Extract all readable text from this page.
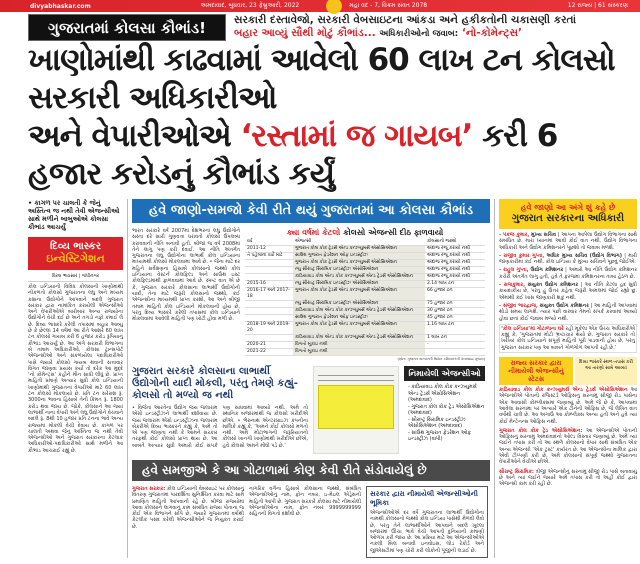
divyabhaskar.com	અમદાવાદ, બુધવાર, 23 ફેબ્રુઆરી, 2022	મહા વદ - 7, વિક્રમ સંવત 2078	12 રાજ્ય | 61 સંસ્કરણ
ગુજરાતમાં કોલસા કૌભાંડ!	સરકારી દસ્તાવેજો, સરકારી વેબસાઇટના આંકડા અને હકીકતોની ચકાસણી કરતાં
બહાર આવ્યું સૌથી મોટું કૌભાંડ... અધિકારીઓનો જવાબ: ‘નો-કોમેન્ટ્સ’
ખાણોમાંથી કાઢવામાં આવેલો 60 લાખ ટન કોલસો સરકારી અધિકારીઓ
અને વેપારીઓએ ‘રસ્તામાં જ ગાયબ’ કરી 6 હજાર કરોડનું કૌભાંડ કર્યું
• કાગળ પર ચાલતી કે જેનું અસ્તિત્વ જ નથી તેવી એજન્સીઓ સાથે મળીને બાબુઓએ કોલસા કૌભાંડ આચર્યું
દિવ્ય ભાસ્કર
ઇન્વેસ્ટિગેશન
વિરલ ભાવસાર | ગાંધીનગર
કોલ ઇન્ડિયાની વિવિધ કોલસાની ખાણોમાંથી નીકળતો કોલસો ગુજરાતના લઘુ અને મધ્યમ કક્ષાના ઉદ્યોગોને આપવાને બદલે ગુજરાત સરકાર દ્વારા નામાંકિત કરાયેલી એજન્સીઓ અને વેપારીઓએ બારોબાર અન્ય રાજ્યોના ઉદ્યોગોને વેચી દઈ છે અને તગડો નફો કમાઈ લે છે. દિવ્ય ભાસ્કરે કરેલી તપાસમાં બહાર આવ્યું છે કે છેલ્લાં 14 વર્ષમાં આ રીતે આશરે 60 લાખ ટન કોલસો ગાયબ કરી 6 હજાર કરોડ રૂપિયાનું કૌભાંડ આચર્યું છે. આ અંગે સરકારી વિભાગના બે તમામ અધિકારીઓ, કોલસા ટ્રાન્સપોર્ટ એજન્સીઓ અને સંકળાયેલા પદાધિકારીઓ પાસે જ્યારે કોલસો ગાયબ થવાની સત્તાવાર વિગત જાણવા પ્રયાસ કર્યો તો દરેક આ મુદ્દે ‘નો કોમેન્ટ્સ’ કહીને મૌન સાધી લીધું છે. પ્રાપ્ત માહિતી પ્રમાણે અત્યાર સુધી કોલ ઇન્ડિયાની ખાણોમાંથી ગુજરાતના વેપારીઓ માટે 60 લાખ ટન કોલસો મોકલાયો છે. પ્રતિ ટન સરેરાશ રૂ. 3000ના ભાવના હિસાબે તેની કિંમત રૂ. 1800 કરોડ થવા જાય છે. જોકે, કોલસાને આ જ્યાં લાભાર્થી નાના વેપારી અને લઘુ ઉદ્યોગોને વેચવાને બદલે રૂ. 8થી 10 હજાર પ્રતિ ટનના ભાવે અન્ય રાજ્યમાં મોકલી વેચી દેવાય છે. કાગળ પર ચાલતી અથવા જેનું અસ્તિત્વ જ નથી તેવી એજન્સીઓ અને ગુજરાત સરકારના કેટલાક અધિકારીઓ-પદાધિકારીઓ સાથે મળીને આ કૌભાંડ આચરાઈ રહ્યું છે.
હવે જાણો-સમજો કેવી રીતે થયું ગુજરાતમાં આ કોલસા કૌભાંડ
ભારત સરકારે વર્ષ 2007માં દેશભરનાં લઘુ ઉદ્યોગોને સસ્તા દરે સારી ગુણવત્તા ધરાવતો કોલસો ઉપલબ્ધ કરાવવાની નીતિ બનાવી હતી. બીજા જ વર્ષ 2008માં તેને લાગુ પણ કરી દેવાઈ. આ નીતિ અંતર્ગત ગુજરાતના લઘુ ઉદ્યોગોના લાભાર્થે કોલ ઇન્ડિયાના માધ્યમથી કોલસો મોકલવામાં આવે છે. • જેના માટે દર મહિને સર્વેક્ષણના હિસાબે કોલસાનો જથ્થો કોલ ઇન્ડિયાના વેસ્ટર્ન કોલફિલ્ડ અને સાઉથ ઇસ્ટ કોલફિલ્ડમાંથી ફાળવવામાં આવે છે. સ્પષ્ટ વાત એ છે કે, ગુજરાત સરકારે કોલસાના લાભાર્થી ઉદ્યોગોની યાદી, તેના માટે જરૂરી કોલસાનો જથ્થો, કઈ એજન્સીના માધ્યમથી પ્રાપ્ત કરશો, આ અને બીજી તમામ માહિતી કોલ ઇન્ડિયાને મોકલવાની હોય છે, પરંતુ દિવ્ય ભાસ્કરે કરેલી તપાસમાં કોલ ઇન્ડિયાને મોકલવામાં આવેલી માહિતી પણ ખોટી હોવા મળી છે.
ક્યા વર્ષમાં કેટલો કોલસો એજન્સી દીઠ ફાળવાયો
વર્ષ	એજન્સી	કોલસાનો જથ્થો
2011-12	ગુજરાત કોલ કોક ટ્રેડર્સ એન્ડ કન્ઝ્યુમર્સ એસોસિએશન	અંદાજ રજૂ કરાયો નથી
તે પહેલાંના વર્ષો માટે	સાઉથ ગુજરાત ફેડરેશન ઓફ ઇન્ડસ્ટ્રીઝ	અંદાજ રજૂ કરાયો નથી
	ગુજરાત કોલ કોક ટ્રેડર્સ એન્ડ કન્ઝ્યુમર્સ એસોસિએશન	અંદાજ રજૂ કરાયો નથી
	ન્યુ સૌરાષ્ટ્ર સિરામિક ઇન્ડસ્ટ્રીઝ એસોસિએશન	અંદાજ રજૂ કરાયો નથી
	કાઠિયાવાડ કોલ એન્ડ કોક કન્ઝ્યુમર્સ એન્ડ ટ્રેડર્સ એસોસિએશન	અંદાજ રજૂ કરાયો નથી
2015-16	ન્યુ સૌરાષ્ટ્ર સિરામિક ઇન્ડસ્ટ્રીઝ એસોસિએશન	2.14 લાખ ટન
2016-17 અને 2017-18	ગુજરાત કોલ કોક ટ્રેડર્સ એન્ડ કન્ઝ્યુમર્સ એસોસિએશન	66 હજાર ટન
	ન્યુ સૌરાષ્ટ્ર સિરામિક ઇન્ડસ્ટ્રીઝ એસોસિએશન	75 હજાર ટન
	કાઠિયાવાડ કોલ એન્ડ કોક કન્ઝ્યુમર્સ એન્ડ ટ્રેડર્સ એસોસિએશન	30 હજાર ટન
	સાઉથ ગુજરાત ફેડરેશન ઓફ ઇન્ડસ્ટ્રીઝ	45 હજાર ટન
2018-19 અને 2019-20	ગુજરાત કોલ કોક ટ્રેડર્સ એન્ડ કન્ઝ્યુમર્સ એસોસિએશન	1.16 લાખ ટન
	કાઠિયાવાડ કોલ એન્ડ કોક કન્ઝ્યુમર્સ એન્ડ ટ્રેડર્સ એસોસિએશન	1 લાખ ટન
2020-21	વિગતો મૂકાઇ નથી	-
2021-22	વિગતો મૂકાઇ નથી	
(સ્રોત: ગુજરાત સરકારની ઉદ્યોગ કમિશનરની વેબસાઇટ મુજબ)
ગુજરાત સરકારે કોલસાના લાભાર્થી ઉદ્યોગોની યાદી મોકલી, પરંતુ તેમણે કહ્યું- કોલસો તો મળ્યો જ નથી
• વિજેતા આરતેના ઉદ્યોગ જય જલારામ એગ્રો ઇન્ડસ્ટ્રીઝને લાભાર્થી દર્શાવાયા છે. જય જલારામ એગ્રો ઇન્ડસ્ટ્રીઝના જલારામ બેકરીએ દિવ્ય ભાસ્કરને કહ્યું કે, અમે તો એ પણ જાણતા નથી કે આમને સરકાર તરફથી કોઈ કોલસો પ્રાપ્ત થાય છે. આ બાબતે અત્યાર સુધી અમારો કોઈ સંપર્ક પણ સાધવામાં આવ્યો નથી. અમે તો સ્થાનિક બજારમાંથી જ કોલસો ખરીદીએ છીએ. • ભેરુનાથ એન્ટરપ્રાઇઝ કંપનીના માલિકે કહ્યું કે, ‘અમને કોઈ કોલસો મળતો નથી. અમે મોટાભાગની જરૂરિયાતનો કોલસો ખાનગી ખાણોમાંથી ખરીદીએ છીએ, હવે કોલસો અમને મોંઘો પડે છે.’
નિમાયેલી એજન્સીઓ
- કાઠિયાવાડ કોલ કોક કન્ઝ્યુમર્સ એન્ડ ટ્રેડર્સ એસોસિએશન (અમદાવાદ)
- ગુજરાત કોલ કોક ટ્રેડ એસોસિએશન (અમદાવાદ)
- સૌરાષ્ટ્ર સિરામિક ઇન્ડસ્ટ્રીઝ એસોસિએશન (અમદાવાદ)
- સાઉથ ગુજરાત ફેડરેશન ઓફ ઇન્ડસ્ટ્રીઝ (વાપી)
હવે સમજીએ કે આ ગોટાળામાં કોણ કેવી રીતે સંડોવાયેલું છે
ગુજરાત સરકાર: કોલ ઇન્ડિયાની વેબસાઇટ પર કોલસાનું વિતરણ ગુજરાતમાં પારદર્શિતા સુનિશ્ચિત કરવા માટે સામે પ્રમાણિત માહિતી આપવાની રહે છે. બીજા રાજ્યોમાં આવા કોલસાને લાગવાનું કામ સંબંધિત રાજ્ય પોતાના જ કોઈ એક વિભાગને સોંપે છે, જ્યારે ગુજરાતમાં વર્ષોથી કેટલીક પસંદ કરેલી એજન્સીઓને જ નિયુક્ત કરાઈ છે.
નાગરિક વર્ગના હિસાબે કોલસાના જથ્થો, સંબંધિત એજન્સીઓનું નામ, ફોન નંબર, ઇ-મેઇલ એડ્રેસની માહિતી આપી છે. ગુજરાત સરકારે કોલસા માટે નીમાયેલી એજન્સીઓના નામ, ફોન નંબર 9999999999 સહિતની વિગતો દર્શાવી છે.
સરકાર દ્વારા નીમાયેલી એજન્સીઓની ભૂમિકા
એજન્સીઓએ દર વર્ષે ગુજરાતના લાભાર્થી ઉદ્યોગોના નામથી કોલસાનો જથ્થો કોલ ઇન્ડિયા પાસેથી મેળવી લેવો છે, પરંતુ તેને લાભાર્થીઓને આપવાને બદલે ખુલ્લા બજારમાં ઊંચા ભાવે વેચી આપતી દુનિયાની કમાણી ઓળખ કરી જાય છે. આ પ્રક્રિયા માટે આ એજન્સીઓએ નકલી બિલ બનાવી ઇનવોઇસ, લોડ રેકોર્ડ અને જીએસટીમાં પણ ચોરી કરી લોકોની પૂંજીની લડાઈ છે.
હવે જાણો આ અંગે શું કહે છે
ગુજરાત સરકારના અધિકારી
- પંકજ કુમાર, મુખ્ય સચિવ | આપના આપેલા ઉદ્યોગ વિભાગના સાથે સંબંધિત છે. મારા ધ્યાનમાં આવી કોઈ વાત નથી. ઉદ્યોગ વિભાગના અધિકારી અને ઉદ્યોગ કમિશનરને પૂછશો તો જવાબ મળશે.
- રાજીવ કુમાર ગુપ્તા, અધિક મુખ્ય સચિવ (ઉદ્યોગ વિભાગ) | મારી જાણકારીમાં કંઈ નથી. કોલ ઇન્ડિયા કે મુખ્ય સચિવને પૂછવું જોઈએ.
- રાહુલ ગુપ્તા, ઉદ્યોગ કમિશનર | અમારો આ નીતિ ઉદ્યોગ કમિશનર કચેરી અંતર્ગત લાગુ હતી, હવે તે ફરજમાં કમિશનરના તાબા હેઠળ છે.
- રાજકુમાર, સંયુક્ત ઉદ્યોગ કમિશનર | આ નીતિ કેટલા હદ સુધી કાયદાકીય છે, પરંતુ હું ઉત્તર કહેતા જરૂરી અમલમાં જોઈ રહ્યો છું. એમાંથી કંઈ ખાસ જાણકારી શકું નથી.
- સંજીવ ભારદ્વાજ, સંયુક્ત ઉદ્યોગ કમિશનર | આ માહિતી આપવામાં થોડો સમય લાગશે. ત્યાર પછી વારંવાર તેમનો સંપર્ક કરવામાં આવ્યો હોવા છતાં કોઈ જવાબ મળ્યો નથી.
‘કોલ ઇન્ડિયા’માં ગોટાળાના ઘરે રહી મૂકેલા એક ઉચ્ચ અધિકારીએ કહ્યું કે, ‘ગુજરાતમાં મોટો ભ્રષ્ટાચાર થયો છે. ગુજરાત સરકારે તો ખરેખર કોલ ઇન્ડિયાને સંપૂર્ણ માહિતી પૂરી પાડવાની હોય છે, પરંતુ ગુજરાત સરકાર પણ આ બાબતે ગોળગોળ આપતી રહી છે.’
રાજ્ય સરકાર દ્વારા નીમાયેલી એજન્સીનું સ્ટેટસ
દિવ્ય ભાસ્કરે સ્થળ-તપાસ કરી આ તારણો સામે આવ્યાં
કાઠિયાવાડ કોલ કોક કન્ઝ્યુમર્સ એન્ડ ટ્રેડર્સ એસોસિએશન આ એજન્સીએ પોતાની રજિસ્ટર્ડ ઓફિસનું સરનામું સીજી રોડ પાસેના એક આવાસી કોમ્પ્લેક્સમાં જણાવ્યું છે. અમે જે છે કે, આપવામાં આવેલા સરનામા પર અત્યારે એક ટીનેની ઓફિસ છે, જે લેખિત વાત વર્ષોથી ચાલે છે. આ અગાઉ આ કોમ્પ્લેક્સ અન્ય હતી અને હવે ત્યાં કોઈ મેન્ટેનન્સ ઓફિસ નથી.
ગુજરાત કોલ કોક ટ્રેડ એસોસિએશન: આ એજન્સીએ પોતાની ઓફિસનું સરનામું અમદાવાદનો ઓલ્ડ વિસ્તાર જણાવ્યું છે. અમે ત્યાં જઈને તપાસ કરી તો આ સ્થળે કોલસાનો વેપાર સાથે સંબંધિત એક અન્ય એજન્સી ‘એક ટ્રસ્ટ’ કાર્યરત છે. આ એજન્સીના માલિક દ્વારા એવી ટીપ્પણી કરી છે, અમે કોલસાનો સંપૂર્ણ જથ્થો ગુજરાતના વેપારીઓને વેચીએ છીએ.
સૌરાષ્ટ્ર સિરામિક: ત્રીજી એજન્સીનું સરનામું સીજી રોડ પાસે બતાવાયું છે અને ત્યાં જઈને જ્યારે અમે તપાસ કરી તો અહીં કોઈ દ્વારા એજન્સી કામ કરી રહી છે.
